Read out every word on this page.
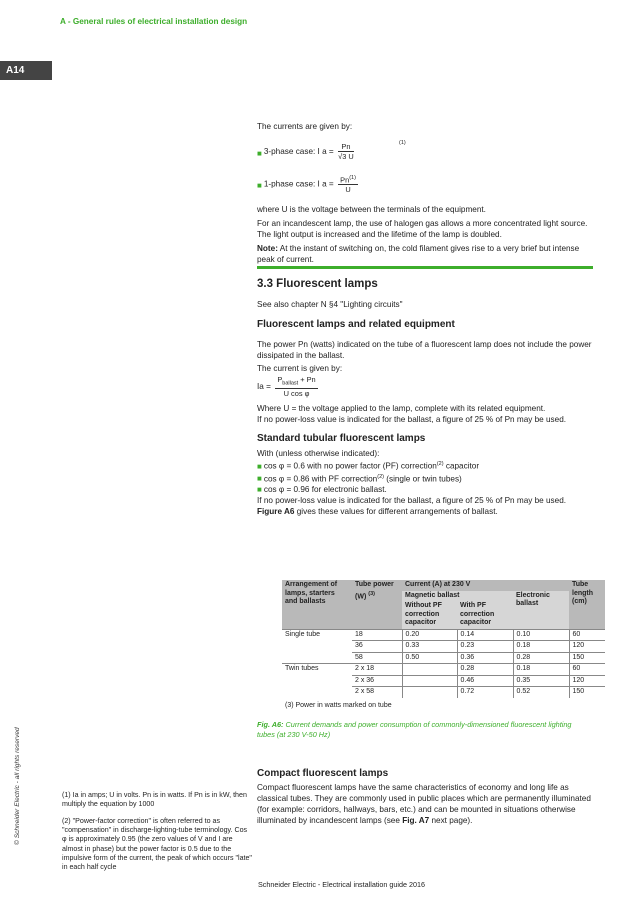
A - General rules of electrical installation design
A14
© Schneider Electric - all rights reserved

The currents are given by:

■ 3-phase case: I $a = \frac{Pn}{√3 U}$	(1)
■ 1-phase case: I $a = \frac{Pn^{(1)}}{U}$

where U is the voltage between the terminals of the equipment.

For an incandescent lamp, the use of halogen gas allows a more concentrated light source. The light output is increased and the lifetime of the lamp is doubled.

Note: At the instant of switching on, the cold filament gives rise to a very brief but intense peak of current.

3.3 Fluorescent lamps

See also chapter N §4 "Lighting circuits"

Fluorescent lamps and related equipment

The power Pn (watts) indicated on the tube of a fluorescent lamp does not include the power dissipated in the ballast.

The current is given by:

$Ia = \frac{P_{ballast} + Pn}{\text{U cos φ}}$

Where U = the voltage applied to the lamp, complete with its related equipment.

If no power-loss value is indicated for the ballast, a figure of 25 % of Pn may be used.

Standard tubular fluorescent lamps

With (unless otherwise indicated):

■ cos φ = 0.6 with no power factor (PF) correction$^{(2)}$ capacitor

■ cos φ = 0.86 with PF correction$^{(2)}$ (single or twin tubes)

■ cos φ = 0.96 for electronic ballast.

If no power-loss value is indicated for the ballast, a figure of 25 % of Pn may be used.

Figure A6 gives these values for different arrangements of ballast.

Arrangement of lamps, starters and ballasts	Tube power (W) $^{(3)}$	Current (A) at 230 V			Tube length (cm)
		Magnetic ballast		Electronic ballast	
		Without PF correction capacitor	With PF correction capacitor		
Single tube	18	0.20	0.14	0.10	60
	36	0.33	0.23	0.18	120
	58	0.50	0.36	0.28	150
Twin tubes	2 x 18		0.28	0.18	60
	2 x 36		0.46	0.35	120
	2 x 58		0.72	0.52	150
(3) Power in watts marked on tube
Fig. A6: Current demands and power consumption of commonly-dimensioned fluorescent lighting tubes (at 230 V-50 Hz)
Compact fluorescent lamps

Compact fluorescent lamps have the same characteristics of economy and long life as classical tubes. They are commonly used in public places which are permanently illuminated (for example: corridors, hallways, bars, etc.) and can be mounted in situations otherwise illuminated by incandescent lamps (see Fig. A7 next page).

(1) Ia in amps; U in volts. Pn is in watts. If Pn is in kW, then multiply the equation by 1000
(2) "Power-factor correction" is often referred to as "compensation" in discharge-lighting-tube terminology. Cos φ is approximately 0.95 (the zero values of V and I are almost in phase) but the power factor is 0.5 due to the impulsive form of the current, the peak of which occurs "late" in each half cycle
Schneider Electric - Electrical installation guide 2016
